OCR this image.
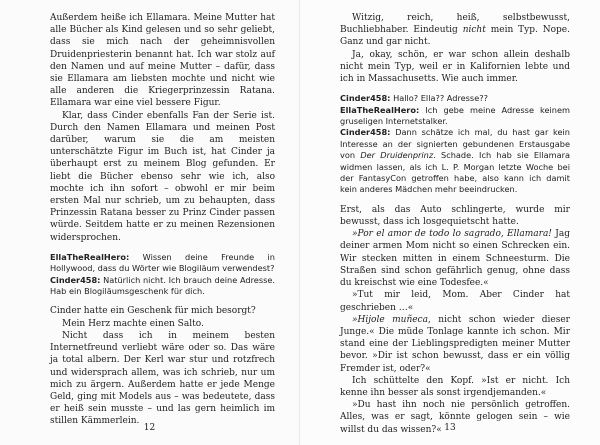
Außerdem heiße ich Ellamara. Meine Mutter hat alle Bücher als Kind gelesen und so sehr geliebt, dass sie mich nach der geheimnisvollen Druidenpriesterin benannt hat. Ich war stolz auf den Namen und auf meine Mutter – dafür, dass sie Ellamara am liebsten mochte und nicht wie alle anderen die Kriegerprinzessin Ratana. Ellamara war eine viel bessere Figur.

Klar, dass Cinder ebenfalls Fan der Serie ist. Durch den Namen Ellamara und meinen Post darüber, warum sie die am meisten unterschätzte Figur im Buch ist, hat Cinder ja überhaupt erst zu meinem Blog gefunden. Er liebt die Bücher ebenso sehr wie ich, also mochte ich ihn sofort – obwohl er mir beim ersten Mal nur schrieb, um zu behaupten, dass Prinzessin Ratana besser zu Prinz Cinder passen würde. Seitdem hatte er zu meinen Rezensionen widersprochen.

EllaTheRealHero: Wissen deine Freunde in Hollywood, dass du Wörter wie Blogiläum verwendest?

Cinder458: Natürlich nicht. Ich brauch deine Adresse. Hab ein Blogiläumsgeschenk für dich.

Cinder hatte ein Geschenk für mich besorgt?

Mein Herz machte einen Salto.

Nicht dass ich in meinem besten Internetfreund verliebt wäre oder so. Das wäre ja total albern. Der Kerl war stur und rotzfrech und widersprach allem, was ich schrieb, nur um mich zu ärgern. Außerdem hatte er jede Menge Geld, ging mit Models aus – was bedeutete, dass er heiß sein musste – und las gern heimlich im stillen Kämmerlein.

12

Witzig, reich, heiß, selbstbewusst, Buchliebhaber. Eindeutig nicht mein Typ. Nope. Ganz und gar nicht.

Ja, okay, schön, er war schon allein deshalb nicht mein Typ, weil er in Kalifornien lebte und ich in Massachusetts. Wie auch immer.

Cinder458: Hallo? Ella?? Adresse??

EllaTheRealHero: Ich gebe meine Adresse keinem gruseligen Internetstalker.

Cinder458: Dann schätze ich mal, du hast gar kein Interesse an der signierten gebundenen Erstausgabe von Der Druidenprinz. Schade. Ich hab sie Ellamara widmen lassen, als ich L. P. Morgan letzte Woche bei der FantasyCon getroffen habe, also kann ich damit kein anderes Mädchen mehr beeindrucken.

Erst, als das Auto schlingerte, wurde mir bewusst, dass ich losgequietscht hatte.

»Por el amor de todo lo sagrado, Ellamara! Jag deiner armen Mom nicht so einen Schrecken ein. Wir stecken mitten in einem Schneesturm. Die Straßen sind schon gefährlich genug, ohne dass du kreischst wie eine Todesfee.«

»Tut mir leid, Mom. Aber Cinder hat geschrieben …«

»Hijole muñeca, nicht schon wieder dieser Junge.« Die müde Tonlage kannte ich schon. Mir stand eine der Lieblingspredigten meiner Mutter bevor. »Dir ist schon bewusst, dass er ein völlig Fremder ist, oder?«

Ich schüttelte den Kopf. »Ist er nicht. Ich kenne ihn besser als sonst irgendjemanden.«

»Du hast ihn noch nie persönlich getroffen. Alles, was er sagt, könnte gelogen sein – wie willst du das wissen?« 13
